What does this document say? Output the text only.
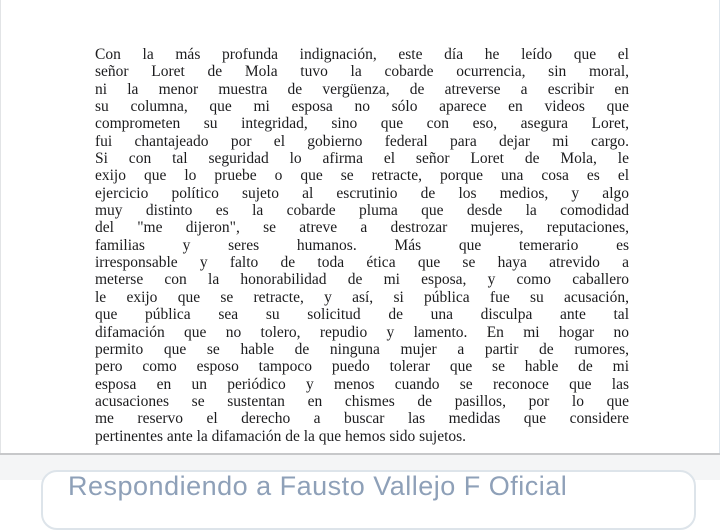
Con la más profunda indignación, este día he leído que el
señor Loret de Mola tuvo la cobarde ocurrencia, sin moral,
ni la menor muestra de vergüenza, de atreverse a escribir en
su columna, que mi esposa no sólo aparece en videos que
comprometen su integridad, sino que con eso, asegura Loret,
fui chantajeado por el gobierno federal para dejar mi cargo.
Si con tal seguridad lo afirma el señor Loret de Mola, le
exijo que lo pruebe o que se retracte, porque una cosa es el
ejercicio político sujeto al escrutinio de los medios, y algo
muy distinto es la cobarde pluma que desde la comodidad
del "me dijeron", se atreve a destrozar mujeres, reputaciones,
familias y seres humanos. Más que temerario es
irresponsable y falto de toda ética que se haya atrevido a
meterse con la honorabilidad de mi esposa, y como caballero
le exijo que se retracte, y así, si pública fue su acusación,
que pública sea su solicitud de una disculpa ante tal
difamación que no tolero, repudio y lamento. En mi hogar no
permito que se hable de ninguna mujer a partir de rumores,
pero como esposo tampoco puedo tolerar que se hable de mi
esposa en un periódico y menos cuando se reconoce que las
acusaciones se sustentan en chismes de pasillos, por lo que
me reservo el derecho a buscar las medidas que considere
pertinentes ante la difamación de la que hemos sido sujetos.
Respondiendo a Fausto Vallejo F Oficial
